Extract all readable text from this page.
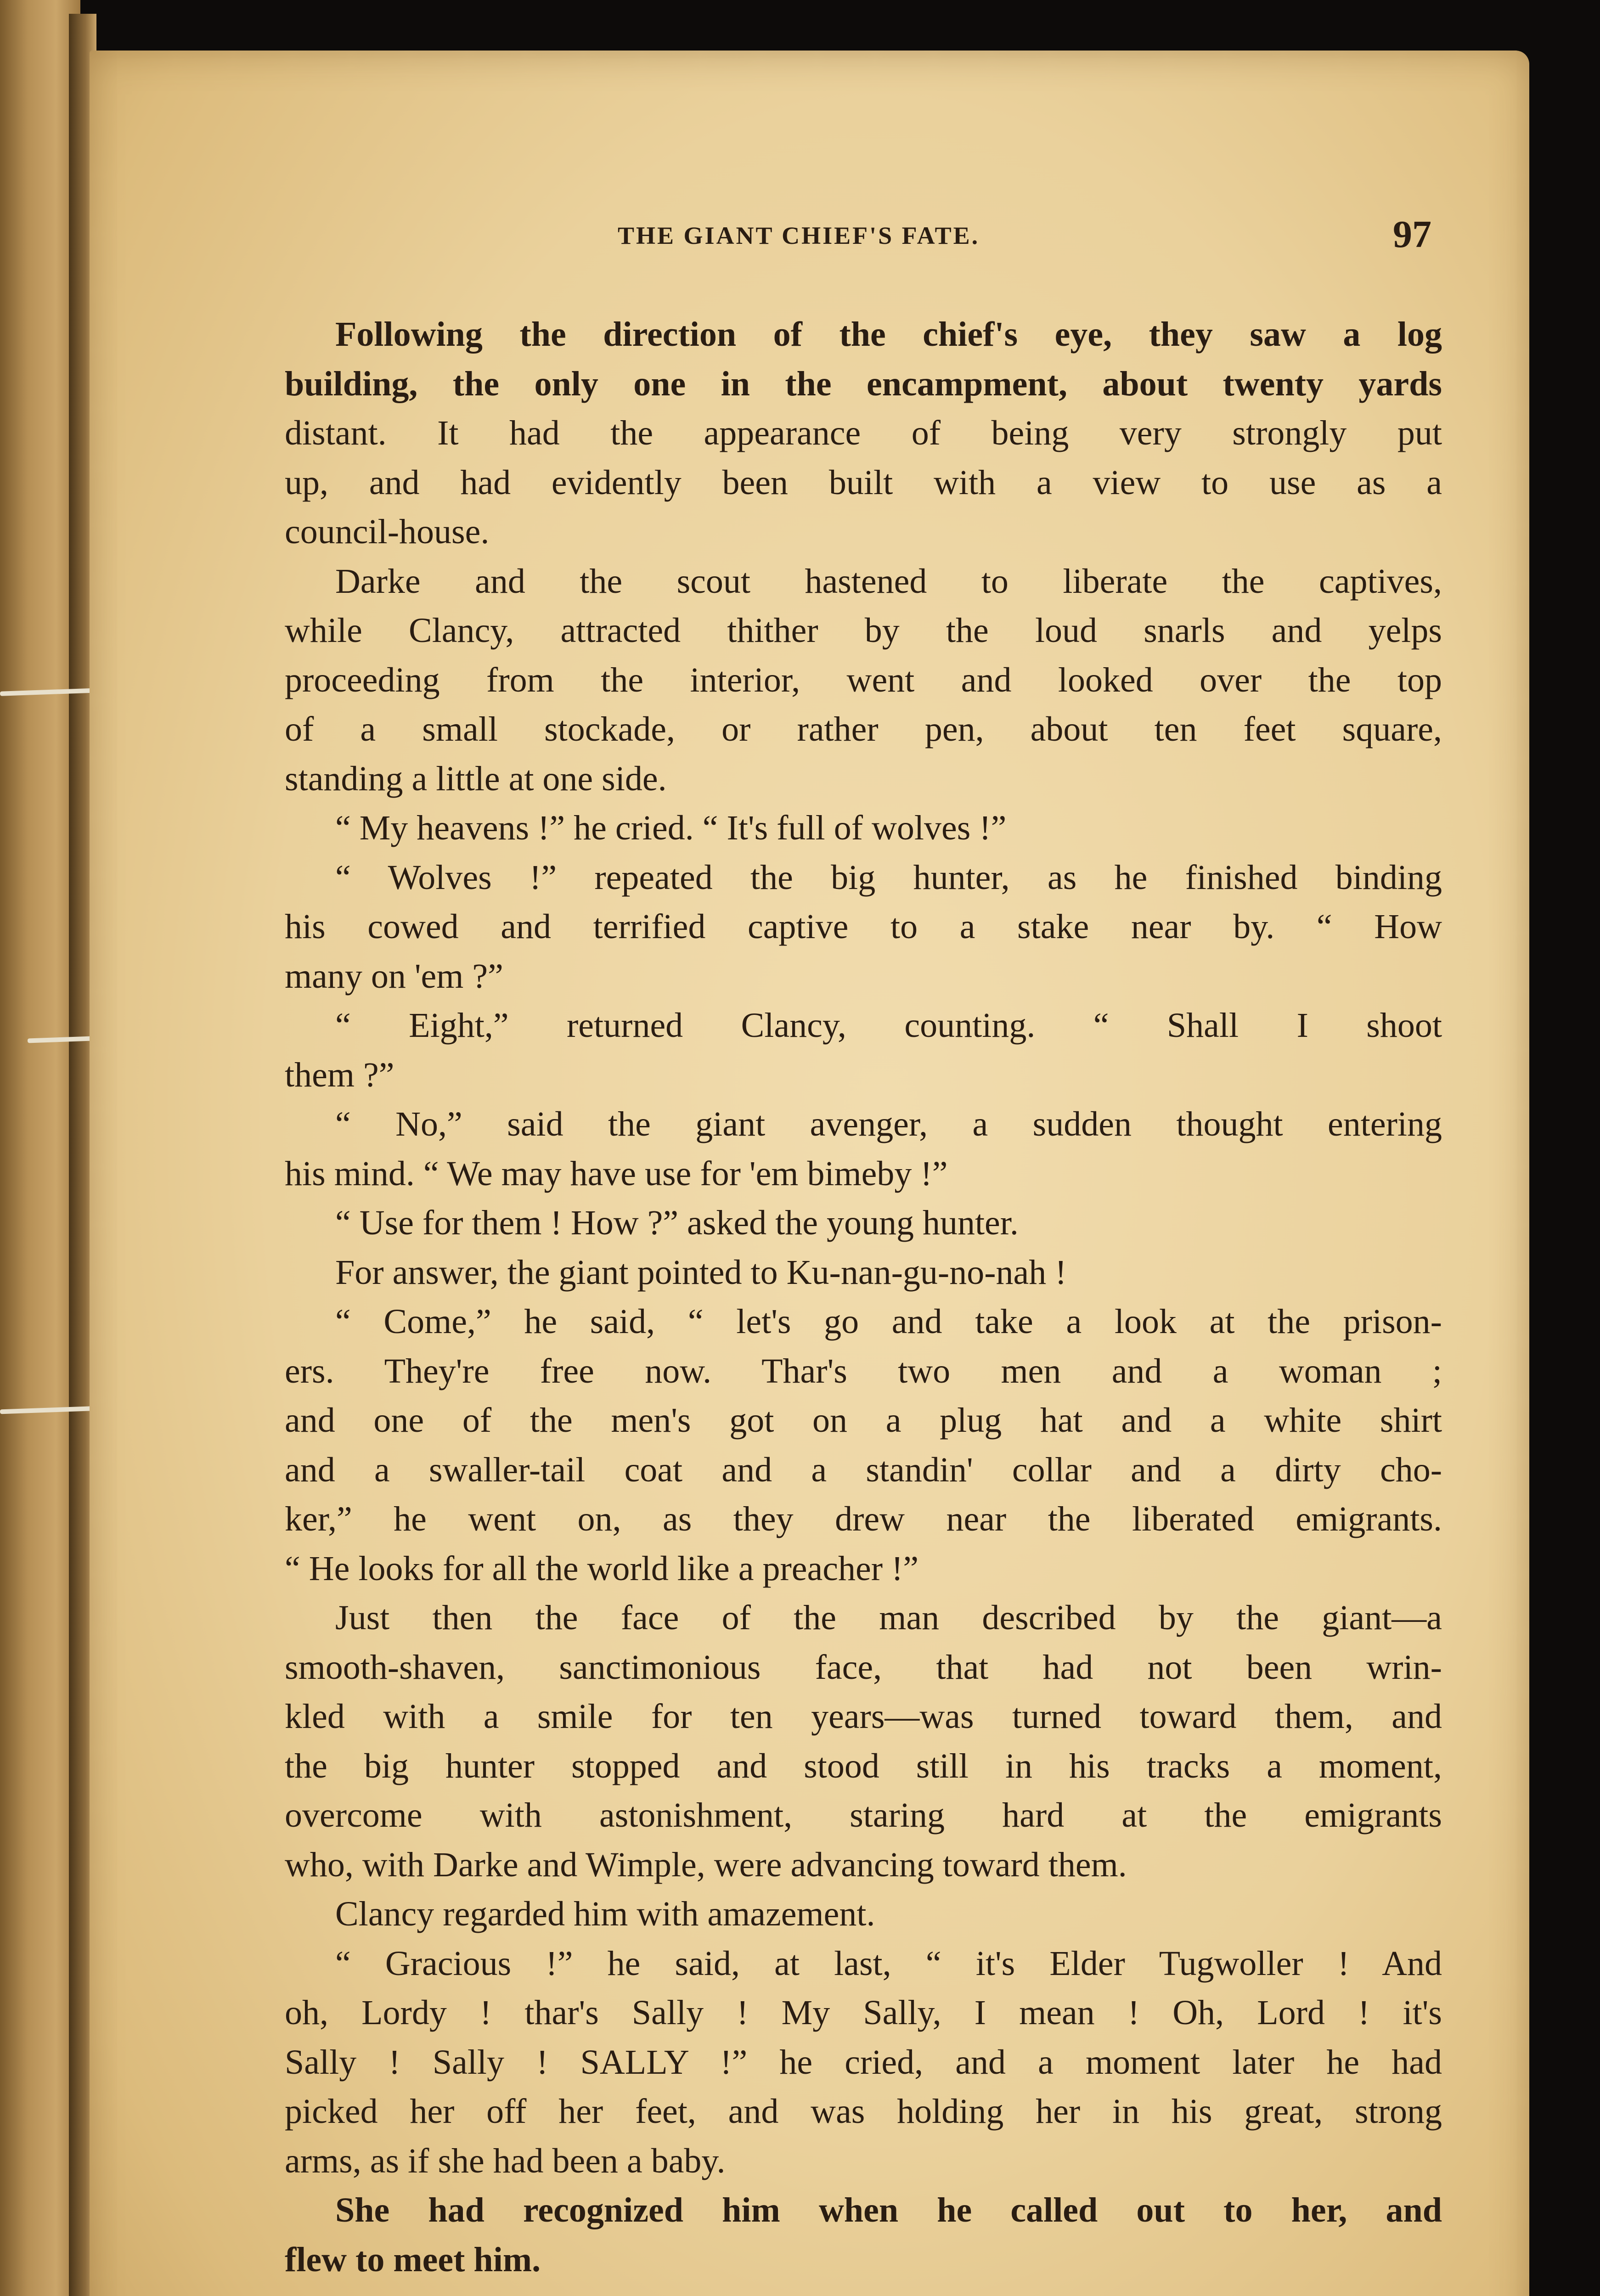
THE GIANT CHIEF'S FATE.	97
Following the direction of the chief's eye, they saw a log
building, the only one in the encampment, about twenty yards
distant. It had the appearance of being very strongly put
up, and had evidently been built with a view to use as a
council-house.
Darke and the scout hastened to liberate the captives,
while Clancy, attracted thither by the loud snarls and yelps
proceeding from the interior, went and looked over the top
of a small stockade, or rather pen, about ten feet square,
standing a little at one side.
“ My heavens !” he cried. “ It's full of wolves !”
“ Wolves !” repeated the big hunter, as he finished binding
his cowed and terrified captive to a stake near by. “ How
many on 'em ?”
“ Eight,” returned Clancy, counting. “ Shall I shoot
them ?”
“ No,” said the giant avenger, a sudden thought entering
his mind. “ We may have use for 'em bimeby !”
“ Use for them ! How ?” asked the young hunter.
For answer, the giant pointed to Ku-nan-gu-no-nah !
“ Come,” he said, “ let's go and take a look at the prison-
ers. They're free now. Thar's two men and a woman ;
and one of the men's got on a plug hat and a white shirt
and a swaller-tail coat and a standin' collar and a dirty cho-
ker,” he went on, as they drew near the liberated emigrants.
“ He looks for all the world like a preacher !”
Just then the face of the man described by the giant—a
smooth-shaven, sanctimonious face, that had not been wrin-
kled with a smile for ten years—was turned toward them, and
the big hunter stopped and stood still in his tracks a moment,
overcome with astonishment, staring hard at the emigrants
who, with Darke and Wimple, were advancing toward them.
Clancy regarded him with amazement.
“ Gracious !” he said, at last, “ it's Elder Tugwoller ! And
oh, Lordy ! thar's Sally ! My Sally, I mean ! Oh, Lord ! it's
Sally ! Sally ! SALLY !” he cried, and a moment later he had
picked her off her feet, and was holding her in his great, strong
arms, as if she had been a baby.
She had recognized him when he called out to her, and
flew to meet him.
